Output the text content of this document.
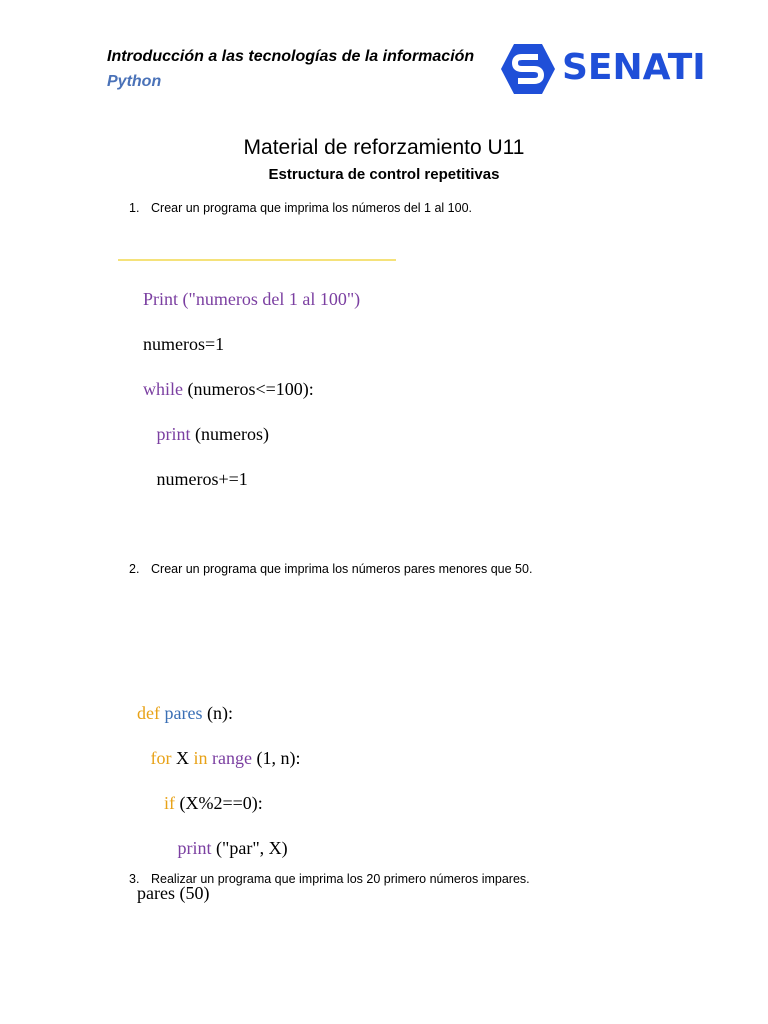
Introducción a las tecnologías de la información
Python	SENATI
Material de reforzamiento U11
Estructura de control repetitivas
1. Crear un programa que imprima los números del 1 al 100.

Print ("numeros del 1 al 100")

numeros=1

while (numeros<=100):

print (numeros)

numeros+=1

2. Crear un programa que imprima los números pares menores que 50.

def pares (n):

for X in range (1, n):

if (X%2==0):

print ("par", X)

pares (50)

3. Realizar un programa que imprima los 20 primero números impares.
